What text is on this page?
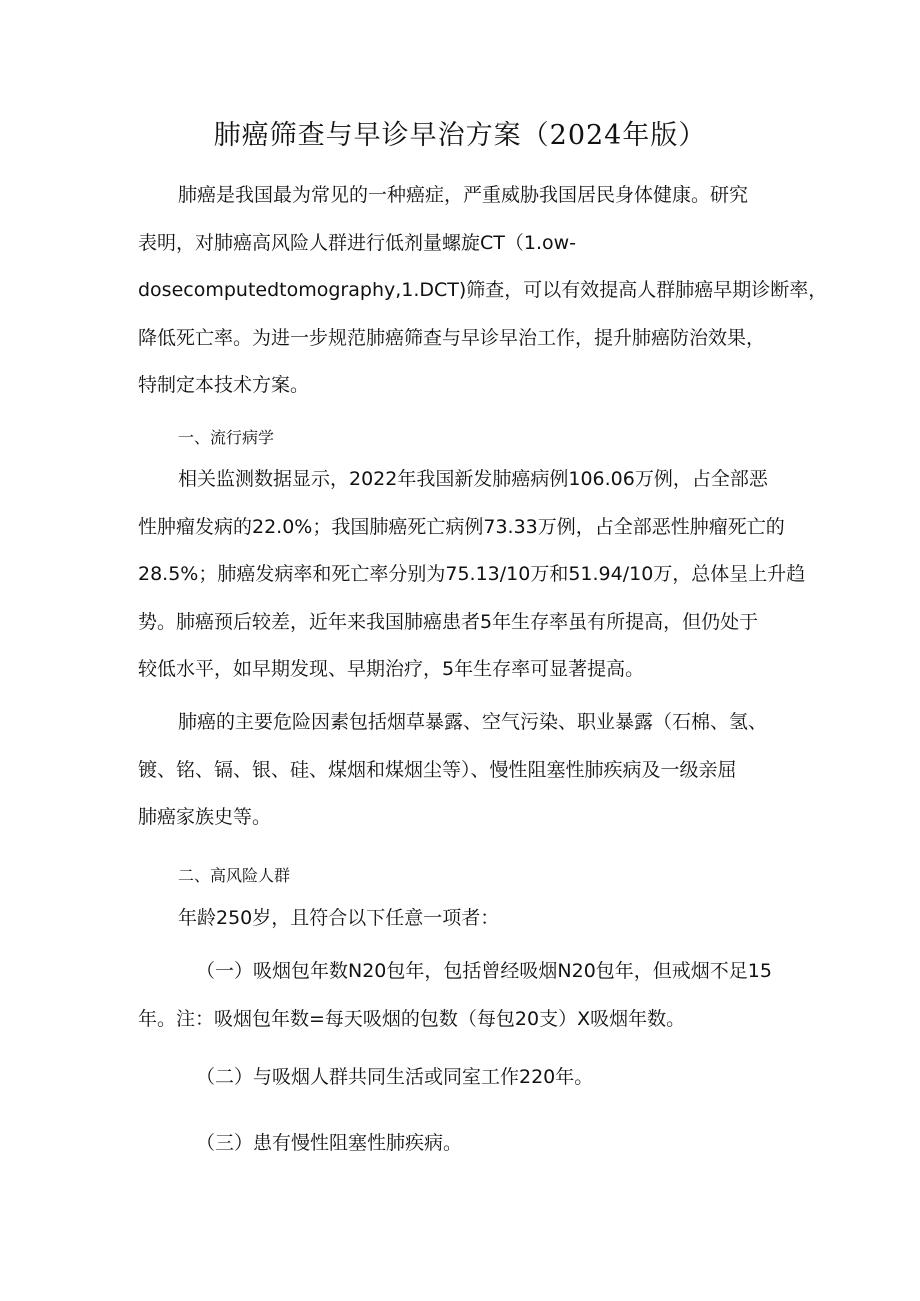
肺癌筛查与早诊早治方案（2024年版）
肺癌是我国最为常见的一种癌症，严重威胁我国居民身体健康。研究
表明，对肺癌高风险人群进行低剂量螺旋CT（1.ow-
dosecomputedtomography,1.DCT)筛查，可以有效提高人群肺癌早期诊断率，
降低死亡率。为进一步规范肺癌筛查与早诊早治工作，提升肺癌防治效果，
特制定本技术方案。
一、流行病学
相关监测数据显示，2022年我国新发肺癌病例106.06万例，占全部恶
性肿瘤发病的22.0%；我国肺癌死亡病例73.33万例，占全部恶性肿瘤死亡的
28.5%；肺癌发病率和死亡率分别为75.13/10万和51.94/10万，总体呈上升趋
势。肺癌预后较差，近年来我国肺癌患者5年生存率虽有所提高，但仍处于
较低水平，如早期发现、早期治疗，5年生存率可显著提高。
肺癌的主要危险因素包括烟草暴露、空气污染、职业暴露（石棉、氢、
镀、铭、镉、银、硅、煤烟和煤烟尘等）、慢性阻塞性肺疾病及一级亲屈
肺癌家族史等。
二、高风险人群
年龄250岁，且符合以下任意一项者：
（一）吸烟包年数N20包年，包括曾经吸烟N20包年，但戒烟不足15
年。注：吸烟包年数=每天吸烟的包数（每包20支）X吸烟年数。
（二）与吸烟人群共同生活或同室工作220年。
（三）患有慢性阻塞性肺疾病。
